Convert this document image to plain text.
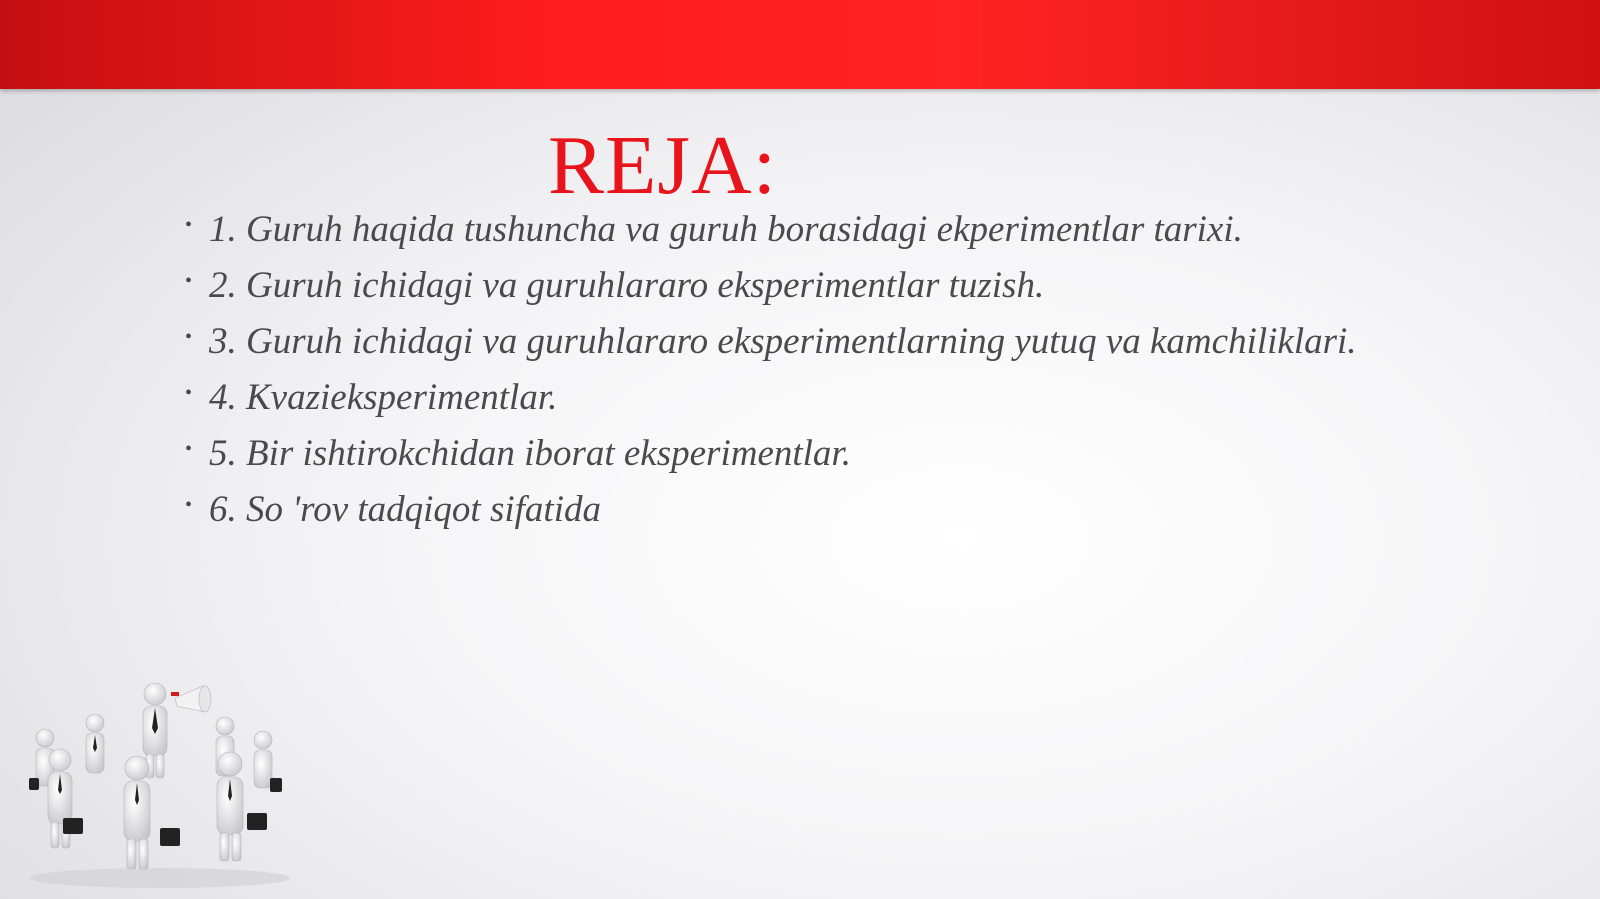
REJA:
• 1. Guruh haqida tushuncha va guruh borasidagi ekperimentlar tarixi.
• 2. Guruh ichidagi va guruhlararo eksperimentlar tuzish.
• 3. Guruh ichidagi va guruhlararo eksperimentlarning yutuq va kamchiliklari.
• 4. Kvazieksperimentlar.
• 5. Bir ishtirokchidan iborat eksperimentlar.
• 6. So 'rov tadqiqot sifatida
